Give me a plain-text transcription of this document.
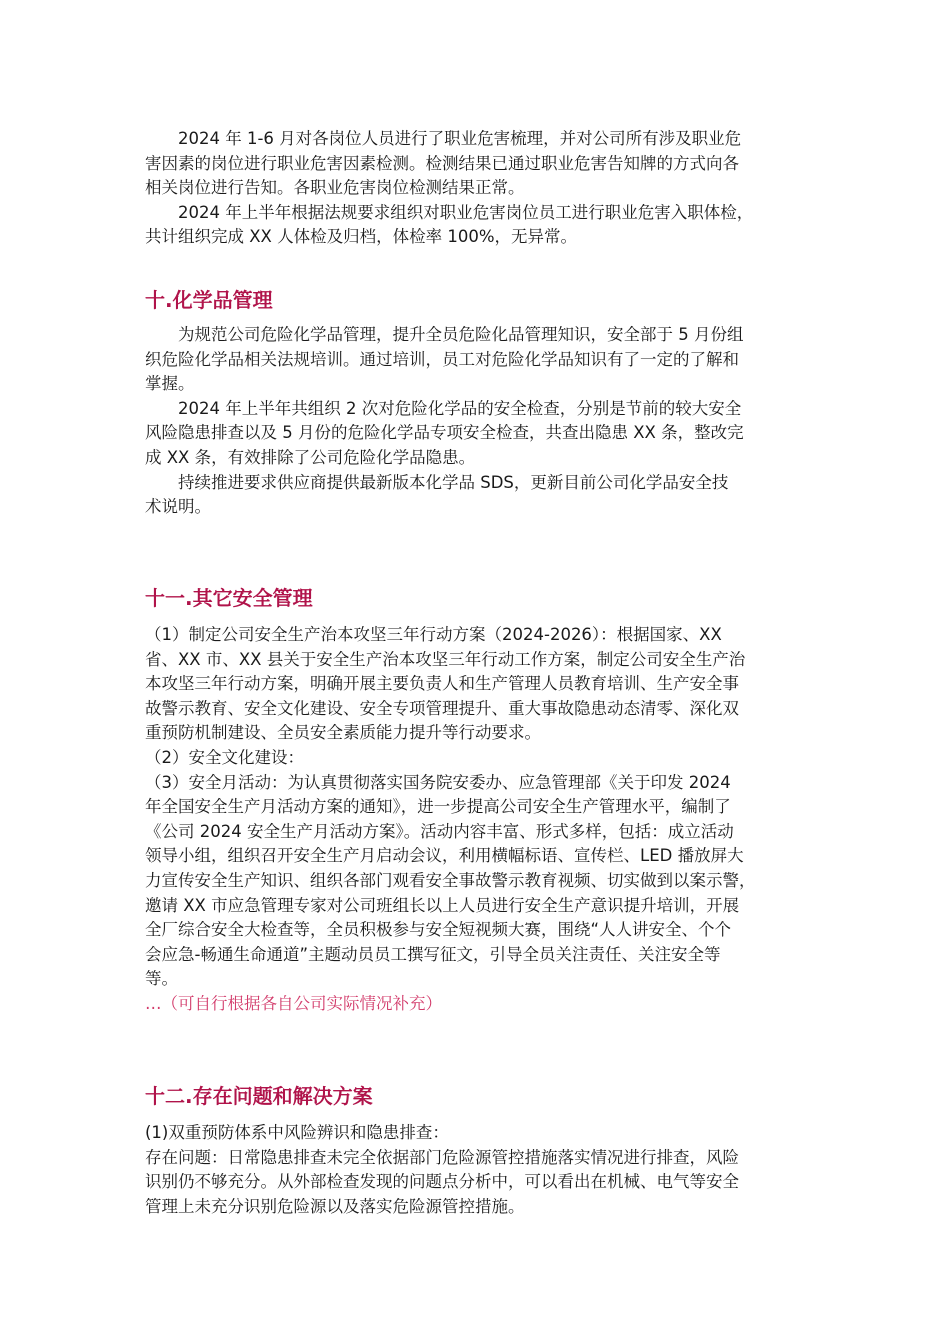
　　2024 年 1-6 月对各岗位人员进行了职业危害梳理，并对公司所有涉及职业危
害因素的岗位进行职业危害因素检测。检测结果已通过职业危害告知牌的方式向各
相关岗位进行告知。各职业危害岗位检测结果正常。
　　2024 年上半年根据法规要求组织对职业危害岗位员工进行职业危害入职体检，
共计组织完成 XX 人体检及归档，体检率 100%，无异常。
十.化学品管理
　　为规范公司危险化学品管理，提升全员危险化品管理知识，安全部于 5 月份组
织危险化学品相关法规培训。通过培训，员工对危险化学品知识有了一定的了解和
掌握。
　　2024 年上半年共组织 2 次对危险化学品的安全检查，分别是节前的较大安全
风险隐患排查以及 5 月份的危险化学品专项安全检查，共查出隐患 XX 条，整改完
成 XX 条，有效排除了公司危险化学品隐患。
　　持续推进要求供应商提供最新版本化学品 SDS，更新目前公司化学品安全技
术说明。
十一.其它安全管理
（1）制定公司安全生产治本攻坚三年行动方案（2024-2026）：根据国家、XX
省、XX 市、XX 县关于安全生产治本攻坚三年行动工作方案，制定公司安全生产治
本攻坚三年行动方案，明确开展主要负责人和生产管理人员教育培训、生产安全事
故警示教育、安全文化建设、安全专项管理提升、重大事故隐患动态清零、深化双
重预防机制建设、全员安全素质能力提升等行动要求。
（2）安全文化建设：
（3）安全月活动：为认真贯彻落实国务院安委办、应急管理部《关于印发 2024
年全国安全生产月活动方案的通知》，进一步提高公司安全生产管理水平，编制了
《公司 2024 安全生产月活动方案》。活动内容丰富、形式多样，包括：成立活动
领导小组，组织召开安全生产月启动会议，利用横幅标语、宣传栏、LED 播放屏大
力宣传安全生产知识、组织各部门观看安全事故警示教育视频、切实做到以案示警，
邀请 XX 市应急管理专家对公司班组长以上人员进行安全生产意识提升培训，开展
全厂综合安全大检查等，全员积极参与安全短视频大赛，围绕“人人讲安全、个个
会应急-畅通生命通道”主题动员员工撰写征文，引导全员关注责任、关注安全等
等。
…（可自行根据各自公司实际情况补充）
十二.存在问题和解决方案
(1)双重预防体系中风险辨识和隐患排查：
存在问题：日常隐患排查未完全依据部门危险源管控措施落实情况进行排查，风险
识别仍不够充分。从外部检查发现的问题点分析中，可以看出在机械、电气等安全
管理上未充分识别危险源以及落实危险源管控措施。
